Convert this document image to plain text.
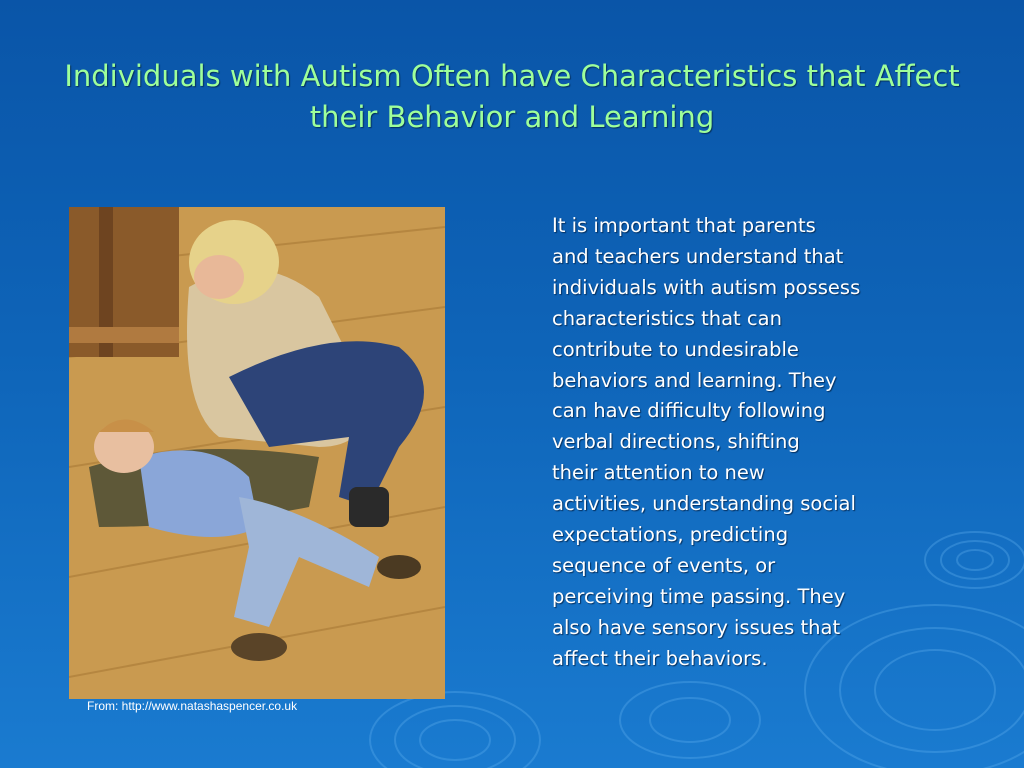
Individuals with Autism Often have Characteristics that Affect their Behavior and Learning
From: http://www.natashaspencer.co.uk
It is important that parents
and teachers understand that
individuals with autism possess
characteristics that can
contribute to undesirable
behaviors and learning. They
can have difficulty following
verbal directions, shifting
their attention to new
activities, understanding social
expectations, predicting
sequence of events, or
perceiving time passing. They
also have sensory issues that
affect their behaviors.
